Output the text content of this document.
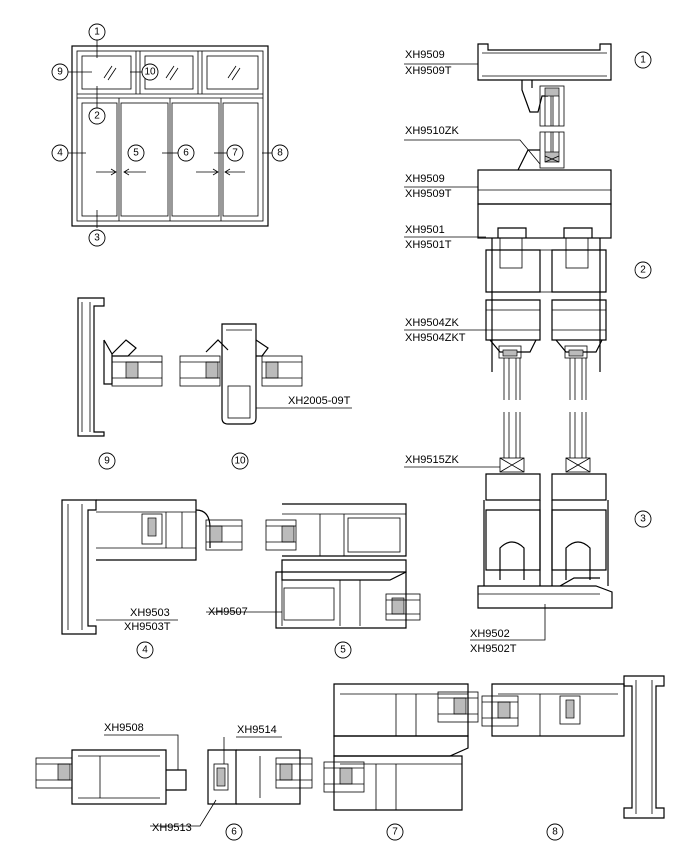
1
9	10
2
4	5	6	7	8
3
1
2
3
XH9509
XH9509T
XH9510ZK
XH9509
XH9509T
XH9501
XH9501T
XH9504ZK
XH9504ZKT
XH9515ZK
XH9502
XH9502T
XH2005-09T
XH9503
XH9503T
XH9507
XH9508	XH9514
XH9513
9	10
4	5
6	7	8
